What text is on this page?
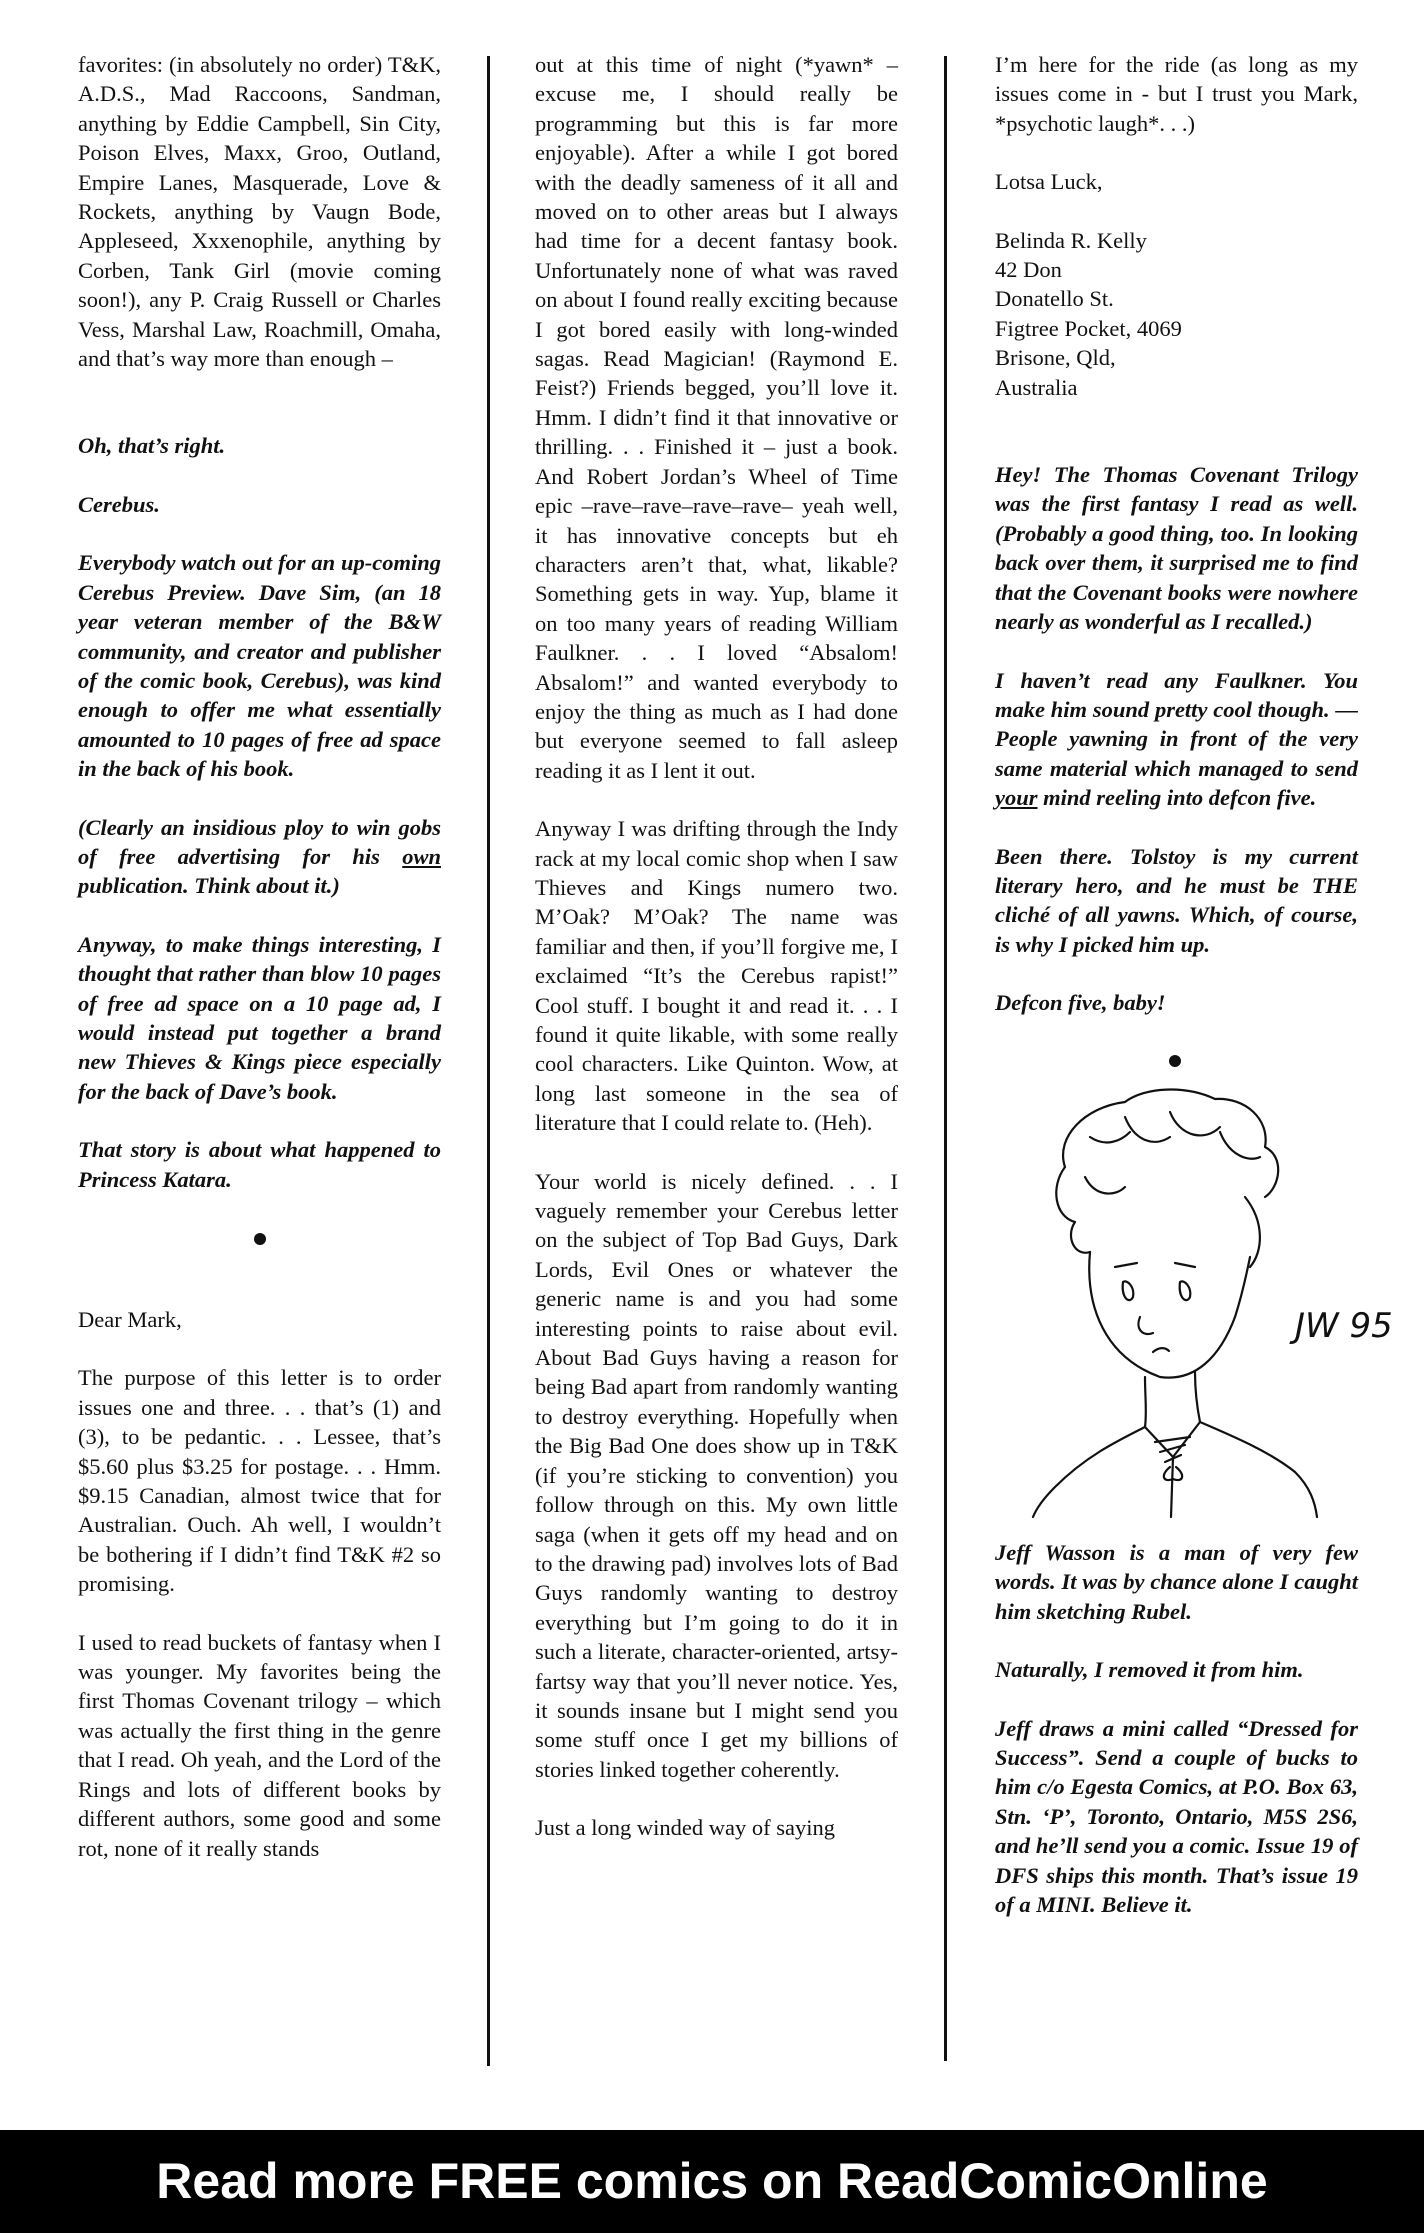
favorites: (in absolutely no order) T&K, A.D.S., Mad Raccoons, Sandman, anything by Eddie Campbell, Sin City, Poison Elves, Maxx, Groo, Outland, Empire Lanes, Masquerade, Love & Rockets, anything by Vaugn Bode, Appleseed, Xxxenophile, anything by Corben, Tank Girl (movie coming soon!), any P. Craig Russell or Charles Vess, Marshal Law, Roachmill, Omaha, and that’s way more than enough –

Oh, that’s right.

Cerebus.

Everybody watch out for an up-coming Cerebus Preview. Dave Sim, (an 18 year veteran member of the B&W community, and creator and publisher of the comic book, Cerebus), was kind enough to offer me what essentially amounted to 10 pages of free ad space in the back of his book.

(Clearly an insidious ploy to win gobs of free advertising for his own publication. Think about it.)

Anyway, to make things interesting, I thought that rather than blow 10 pages of free ad space on a 10 page ad, I would instead put together a brand new Thieves & Kings piece especially for the back of Dave’s book.

That story is about what happened to Princess Katara.

Dear Mark,

The purpose of this letter is to order issues one and three. . . that’s (1) and (3), to be pedantic. . . Lessee, that’s $5.60 plus $3.25 for postage. . . Hmm. $9.15 Canadian, almost twice that for Australian. Ouch. Ah well, I wouldn’t be bothering if I didn’t find T&K #2 so promising.

I used to read buckets of fantasy when I was younger. My favorites being the first Thomas Covenant trilogy – which was actually the first thing in the genre that I read. Oh yeah, and the Lord of the Rings and lots of different books by different authors, some good and some rot, none of it really stands

out at this time of night (*yawn* – excuse me, I should really be programming but this is far more enjoyable). After a while I got bored with the deadly sameness of it all and moved on to other areas but I always had time for a decent fantasy book. Unfortunately none of what was raved on about I found really exciting because I got bored easily with long-winded sagas. Read Magician! (Raymond E. Feist?) Friends begged, you’ll love it. Hmm. I didn’t find it that innovative or thrilling. . . Finished it – just a book. And Robert Jordan’s Wheel of Time epic –rave–rave–rave–rave– yeah well, it has innovative concepts but eh characters aren’t that, what, likable? Something gets in way. Yup, blame it on too many years of reading William Faulkner. . . I loved “Absalom! Absalom!” and wanted everybody to enjoy the thing as much as I had done but everyone seemed to fall asleep reading it as I lent it out.

Anyway I was drifting through the Indy rack at my local comic shop when I saw Thieves and Kings numero two. M’Oak? M’Oak? The name was familiar and then, if you’ll forgive me, I exclaimed “It’s the Cerebus rapist!” Cool stuff. I bought it and read it. . . I found it quite likable, with some really cool characters. Like Quinton. Wow, at long last someone in the sea of literature that I could relate to. (Heh).

Your world is nicely defined. . . I vaguely remember your Cerebus letter on the subject of Top Bad Guys, Dark Lords, Evil Ones or whatever the generic name is and you had some interesting points to raise about evil. About Bad Guys having a reason for being Bad apart from randomly wanting to destroy everything. Hopefully when the Big Bad One does show up in T&K (if you’re sticking to convention) you follow through on this. My own little saga (when it gets off my head and on to the drawing pad) involves lots of Bad Guys randomly wanting to destroy everything but I’m going to do it in such a literate, character-oriented, artsy-fartsy way that you’ll never notice. Yes, it sounds insane but I might send you some stuff once I get my billions of stories linked together coherently.

Just a long winded way of saying

I’m here for the ride (as long as my issues come in - but I trust you Mark, *psychotic laugh*. . .)

Lotsa Luck,

Belinda R. Kelly

42 Don

Donatello St.

Figtree Pocket, 4069

Brisone, Qld,

Australia

Hey! The Thomas Covenant Trilogy was the first fantasy I read as well. (Probably a good thing, too. In looking back over them, it surprised me to find that the Covenant books were nowhere nearly as wonderful as I recalled.)

I haven’t read any Faulkner. You make him sound pretty cool though. —People yawning in front of the very same material which managed to send your mind reeling into defcon five.

Been there. Tolstoy is my current literary hero, and he must be THE cliché of all yawns. Which, of course, is why I picked him up.

Defcon five, baby!

JW 95

Jeff Wasson is a man of very few words. It was by chance alone I caught him sketching Rubel.

Naturally, I removed it from him.

Jeff draws a mini called “Dressed for Success”. Send a couple of bucks to him c/o Egesta Comics, at P.O. Box 63, Stn. ‘P’, Toronto, Ontario, M5S 2S6, and he’ll send you a comic. Issue 19 of DFS ships this month. That’s issue 19 of a MINI. Believe it.

Read more FREE comics on ReadComicOnline
